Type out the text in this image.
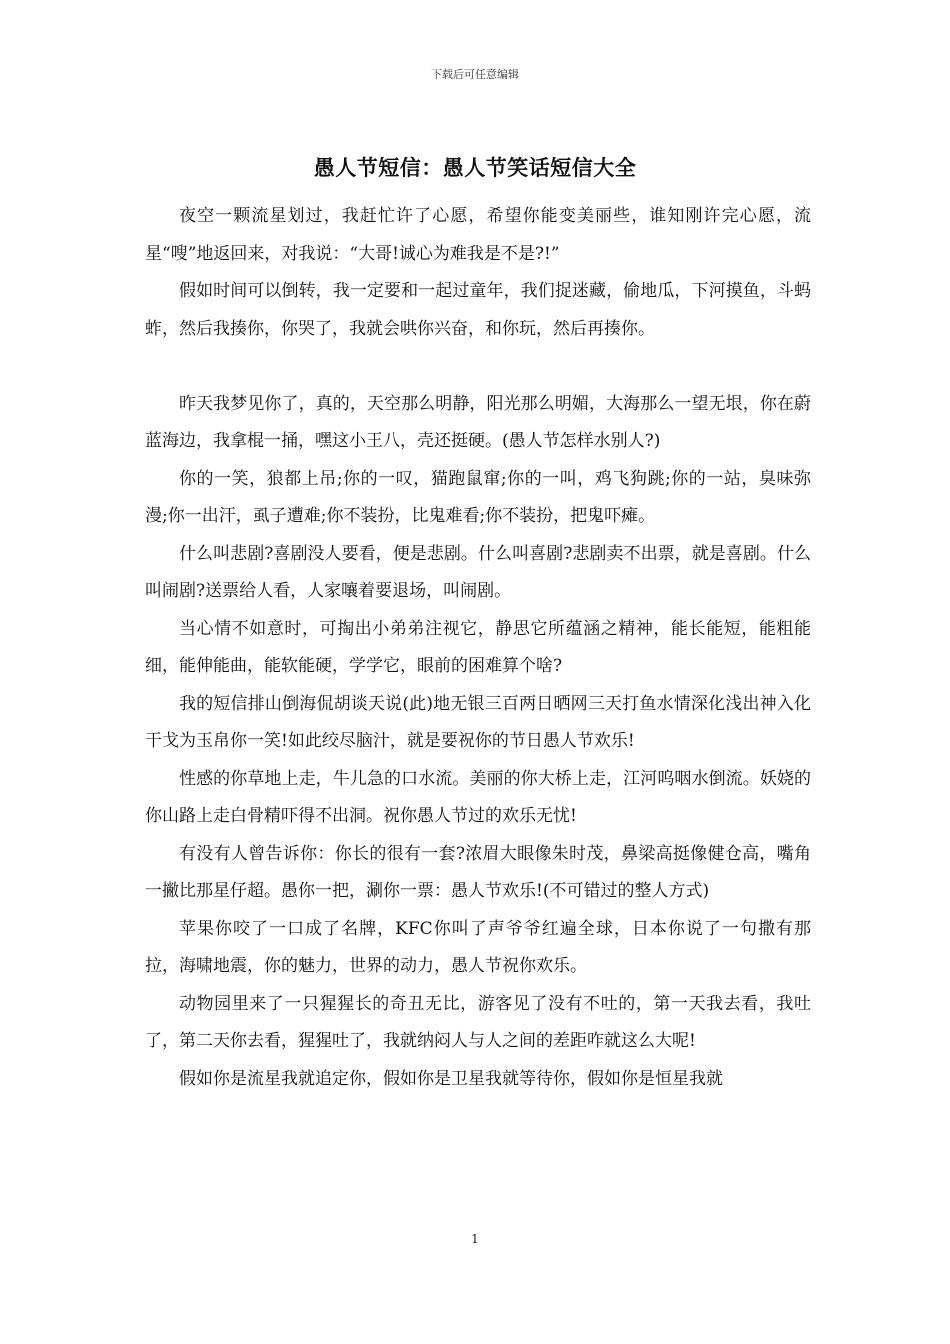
下载后可任意编辑
愚人节短信：愚人节笑话短信大全

夜空一颗流星划过，我赶忙许了心愿，希望你能变美丽些，谁知刚许完心愿，流星“嗖”地返回来，对我说：“大哥!诚心为难我是不是?!”

假如时间可以倒转，我一定要和一起过童年，我们捉迷藏，偷地瓜，下河摸鱼，斗蚂蚱，然后我揍你，你哭了，我就会哄你兴奋，和你玩，然后再揍你。

昨天我梦见你了，真的，天空那么明静，阳光那么明媚，大海那么一望无垠，你在蔚蓝海边，我拿棍一捅，嘿这小王八，壳还挺硬。(愚人节怎样水别人?)

你的一笑，狼都上吊;你的一叹，猫跑鼠窜;你的一叫，鸡飞狗跳;你的一站，臭味弥漫;你一出汗，虱子遭难;你不装扮，比鬼难看;你不装扮，把鬼吓瘫。

什么叫悲剧?喜剧没人要看，便是悲剧。什么叫喜剧?悲剧卖不出票，就是喜剧。什么叫闹剧?送票给人看，人家嚷着要退场，叫闹剧。

当心情不如意时，可掏出小弟弟注视它，静思它所蕴涵之精神，能长能短，能粗能细，能伸能曲，能软能硬，学学它，眼前的困难算个啥?

我的短信排山倒海侃胡谈天说(此)地无银三百两日晒网三天打鱼水情深化浅出神入化干戈为玉帛你一笑!如此绞尽脑汁，就是要祝你的节日愚人节欢乐!

性感的你草地上走，牛儿急的口水流。美丽的你大桥上走，江河呜咽水倒流。妖娆的你山路上走白骨精吓得不出洞。祝你愚人节过的欢乐无忧!

有没有人曾告诉你：你长的很有一套?浓眉大眼像朱时茂，鼻梁高挺像健仓高，嘴角一撇比那星仔超。愚你一把，涮你一票：愚人节欢乐!(不可错过的整人方式)

苹果你咬了一口成了名牌，KFC你叫了声爷爷红遍全球，日本你说了一句撒有那拉，海啸地震，你的魅力，世界的动力，愚人节祝你欢乐。

动物园里来了一只猩猩长的奇丑无比，游客见了没有不吐的，第一天我去看，我吐了，第二天你去看，猩猩吐了，我就纳闷人与人之间的差距咋就这么大呢!

假如你是流星我就追定你，假如你是卫星我就等待你，假如你是恒星我就

1
